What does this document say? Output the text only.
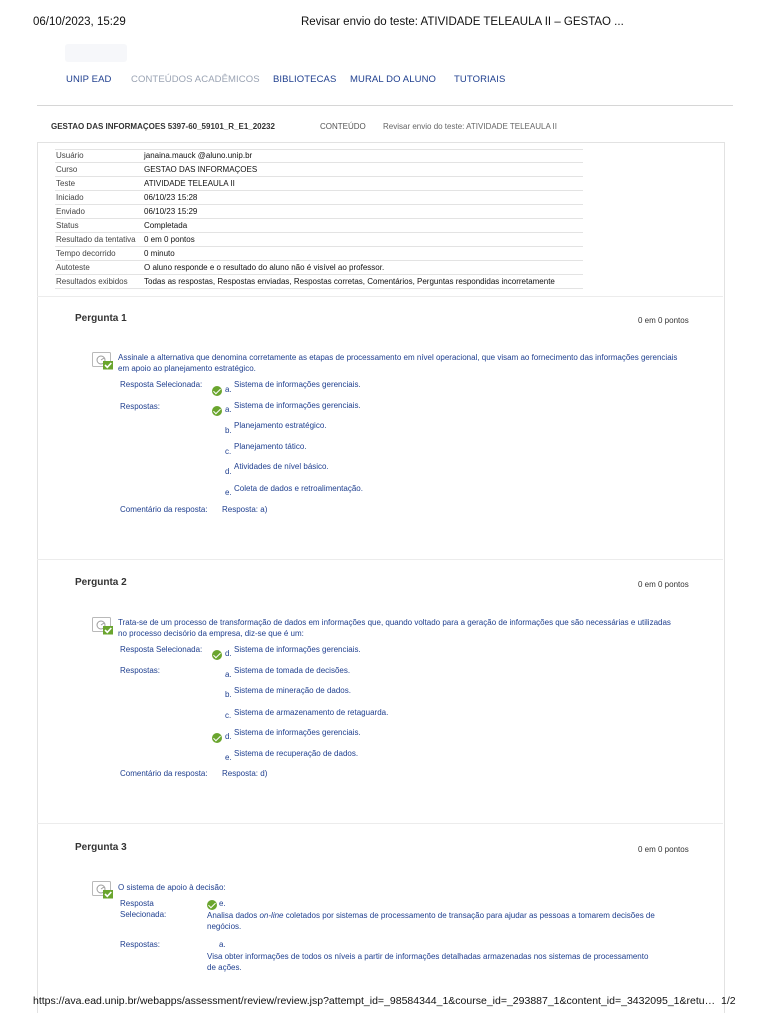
06/10/2023, 15:29	Revisar envio do teste: ATIVIDADE TELEAULA II – GESTAO ...
UNIP EAD CONTEÚDOS ACADÊMICOS BIBLIOTECAS MURAL DO ALUNO TUTORIAIS
GESTAO DAS INFORMAÇOES 5397-60_59101_R_E1_20232	CONTEÚDO Revisar envio do teste: ATIVIDADE TELEAULA II
Usuário	janaina.mauck @aluno.unip.br
Curso	GESTAO DAS INFORMAÇOES
Teste	ATIVIDADE TELEAULA II
Iniciado	06/10/23 15:28
Enviado	06/10/23 15:29
Status	Completada
Resultado da tentativa 0 em 0 pontos
Tempo decorrido	0 minuto
Autoteste	O aluno responde e o resultado do aluno não é visível ao professor.
Resultados exibidos Todas as respostas, Respostas enviadas, Respostas corretas, Comentários, Perguntas respondidas incorretamente
Pergunta 1	0 em 0 pontos
Assinale a alternativa que denomina corretamente as etapas de processamento em nível operacional, que visam ao fornecimento das informações gerenciais em apoio ao planejamento estratégico.
Resposta Selecionada:
a.
Sistema de informações gerenciais.
Respostas:	a. Sistema de informações gerenciais.
b.
Planejamento estratégico.
c.
Planejamento tático.
d.
Atividades de nível básico.
e. Coleta de dados e retroalimentação.
Comentário da resposta: Resposta: a)
Pergunta 2	0 em 0 pontos
Trata-se de um processo de transformação de dados em informações que, quando voltado para a geração de informações que são necessárias e utilizadas no processo decisório da empresa, diz-se que é um:
Resposta Selecionada:	d. Sistema de informações gerenciais.
Respostas:	a. Sistema de tomada de decisões.
b. Sistema de mineração de dados.
c. Sistema de armazenamento de retaguarda.
d. Sistema de informações gerenciais.
e. Sistema de recuperação de dados.
Comentário da resposta: Resposta: d)
Pergunta 3	0 em 0 pontos
O sistema de apoio à decisão:
Resposta
Selecionada:
e.
Analisa dados on-line coletados por sistemas de processamento de transação para ajudar as pessoas a tomarem decisões de negócios.
Respostas:	a.
Visa obter informações de todos os níveis a partir de informações detalhadas armazenadas nos sistemas de processamento de ações.
https://ava.ead.unip.br/webapps/assessment/review/review.jsp?attempt_id=_98584344_1&course_id=_293887_1&content_id=_3432095_1&retu… 1/2
